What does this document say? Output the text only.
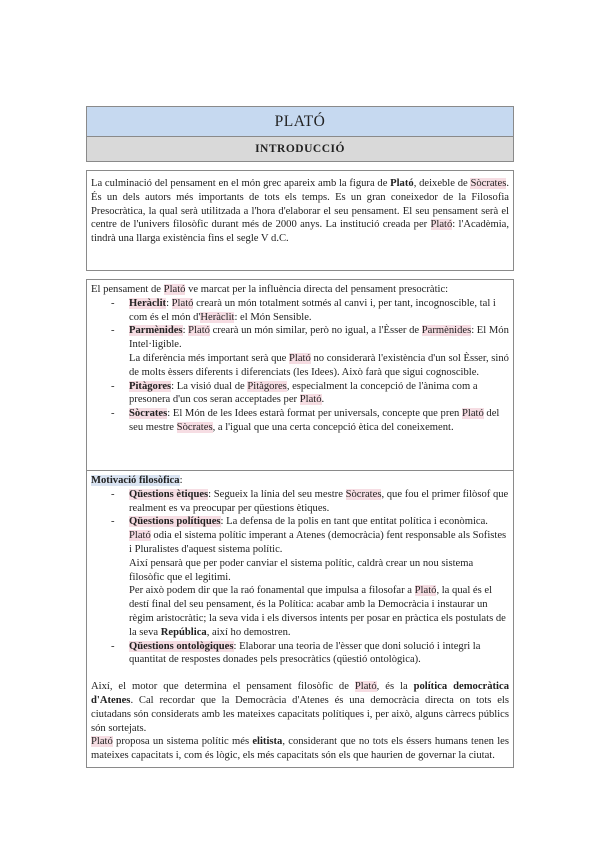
PLATÓ
INTRODUCCIÓ

La culminació del pensament en el món grec apareix amb la figura de Plató, deixeble de Sòcrates. És un dels autors més importants de tots els temps. Es un gran coneixedor de la Filosofia Presocràtica, la qual serà utilitzada a l'hora d'elaborar el seu pensament. El seu pensament serà el centre de l'univers filosòfic durant més de 2000 anys. La institució creada per Plató: l'Acadèmia, tindrà una llarga existència fins el segle V d.C.

El pensament de Plató ve marcat per la influència directa del pensament presocràtic:

- Heràclit: Plató crearà un món totalment sotmés al canvi i, per tant, incognoscible, tal i com és el món d'Heràclit: el Món Sensible.
- Parmènides: Plató crearà un món similar, però no igual, a l'Èsser de Parmènides: El Món Intel·ligible.
La diferència més important serà que Plató no considerarà l'existència d'un sol Èsser, sinó de molts èssers diferents i diferenciats (les Idees). Això farà que sigui cognoscible.
- Pitàgores: La visió dual de Pitàgores, especialment la concepció de l'ànima com a presonera d'un cos seran acceptades per Plató.
- Sòcrates: El Món de les Idees estarà format per universals, concepte que pren Plató del seu mestre Sòcrates, a l'igual que una certa concepció ètica del coneixement.

Motivació filosòfica:

- Qüestions ètiques: Segueix la línia del seu mestre Sòcrates, que fou el primer filòsof que realment es va preocupar per qüestions ètiques.
- Qüestions polítiques: La defensa de la polis en tant que entitat política i econòmica. Plató odia el sistema polític imperant a Atenes (democràcia) fent responsable als Sofistes i Pluralistes d'aquest sistema polític.
Així pensarà que per poder canviar el sistema polític, caldrà crear un nou sistema filosòfic que el legitimi.
Per això podem dir que la raó fonamental que impulsa a filosofar a Plató, la qual és el destí final del seu pensament, és la Política: acabar amb la Democràcia i instaurar un règim aristocràtic; la seva vida i els diversos intents per posar en pràctica els postulats de la seva República, així ho demostren.
- Qüestions ontològiques: Elaborar una teoria de l'èsser que doni solució i integri la quantitat de respostes donades pels presocràtics (qüestió ontològica).

Així, el motor que determina el pensament filosòfic de Plató, és la política democràtica d'Atenes. Cal recordar que la Democràcia d'Atenes és una democràcia directa on tots els ciutadans són considerats amb les mateixes capacitats polítiques i, per això, alguns càrrecs públics són sortejats.

Plató proposa un sistema polític més elitista, considerant que no tots els éssers humans tenen les mateixes capacitats i, com és lògic, els més capacitats són els que haurien de governar la ciutat.
